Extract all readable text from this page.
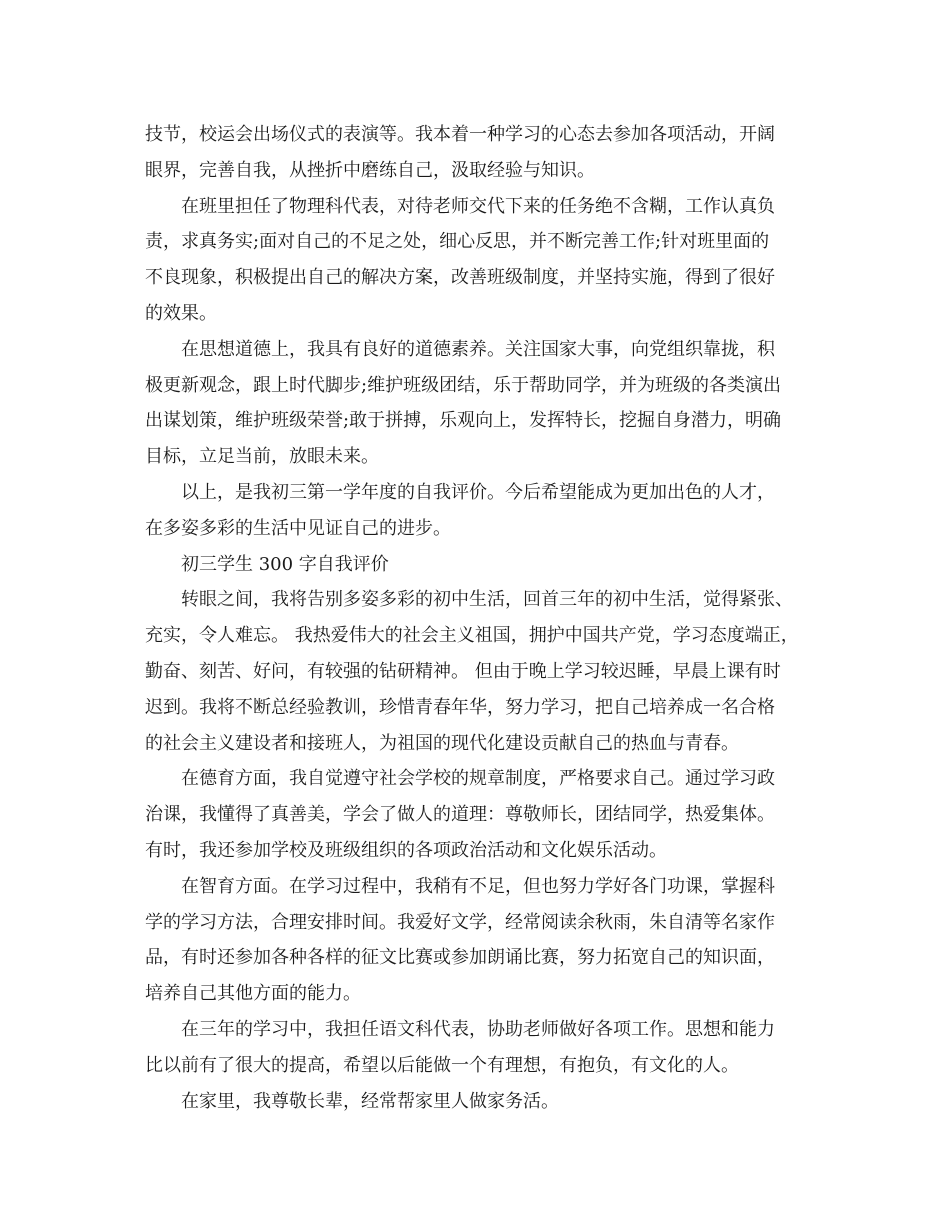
技节，校运会出场仪式的表演等。我本着一种学习的心态去参加各项活动，开阔
眼界，完善自我，从挫折中磨练自己，汲取经验与知识。
在班里担任了物理科代表，对待老师交代下来的任务绝不含糊，工作认真负
责，求真务实;面对自己的不足之处，细心反思，并不断完善工作;针对班里面的
不良现象，积极提出自己的解决方案，改善班级制度，并坚持实施，得到了很好
的效果。
在思想道德上，我具有良好的道德素养。关注国家大事，向党组织靠拢，积
极更新观念，跟上时代脚步;维护班级团结，乐于帮助同学，并为班级的各类演出
出谋划策，维护班级荣誉;敢于拼搏，乐观向上，发挥特长，挖掘自身潜力，明确
目标，立足当前，放眼未来。
以上，是我初三第一学年度的自我评价。今后希望能成为更加出色的人才，
在多姿多彩的生活中见证自己的进步。
初三学生 300 字自我评价
转眼之间，我将告别多姿多彩的初中生活，回首三年的初中生活，觉得紧张、
充实，令人难忘。 我热爱伟大的社会主义祖国，拥护中国共产党，学习态度端正，
勤奋、刻苦、好问，有较强的钻研精神。 但由于晚上学习较迟睡，早晨上课有时
迟到。我将不断总经验教训，珍惜青春年华，努力学习，把自己培养成一名合格
的社会主义建设者和接班人，为祖国的现代化建设贡献自己的热血与青春。
在德育方面，我自觉遵守社会学校的规章制度，严格要求自己。通过学习政
治课，我懂得了真善美，学会了做人的道理：尊敬师长，团结同学，热爱集体。
有时，我还参加学校及班级组织的各项政治活动和文化娱乐活动。
在智育方面。在学习过程中，我稍有不足，但也努力学好各门功课，掌握科
学的学习方法，合理安排时间。我爱好文学，经常阅读余秋雨，朱自清等名家作
品，有时还参加各种各样的征文比赛或参加朗诵比赛，努力拓宽自己的知识面，
培养自己其他方面的能力。
在三年的学习中，我担任语文科代表，协助老师做好各项工作。思想和能力
比以前有了很大的提高，希望以后能做一个有理想，有抱负，有文化的人。
在家里，我尊敬长辈，经常帮家里人做家务活。
